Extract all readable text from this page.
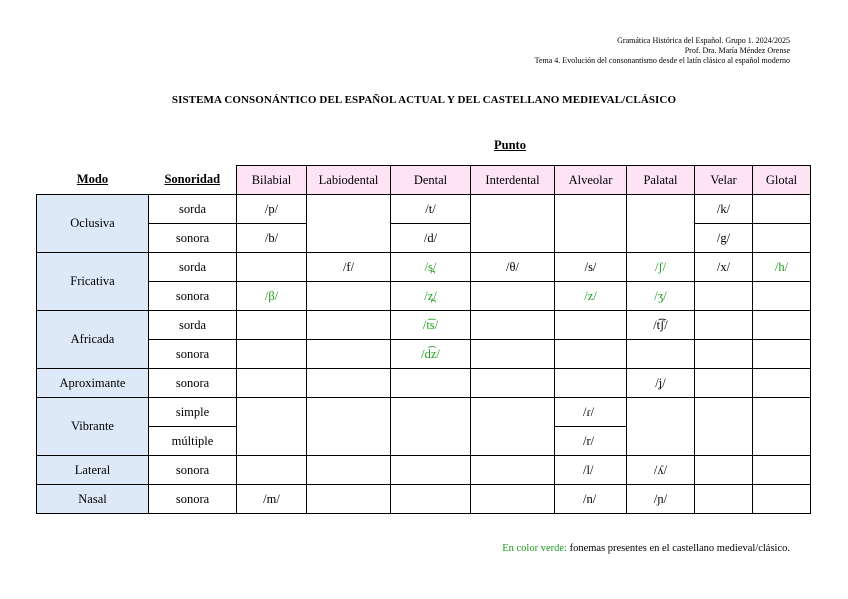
Gramática Histórica del Español. Grupo 1. 2024/2025
Prof. Dra. María Méndez Orense
Tema 4. Evolución del consonantismo desde el latín clásico al español moderno
SISTEMA CONSONÁNTICO DEL ESPAÑOL ACTUAL Y DEL CASTELLANO MEDIEVAL/CLÁSICO
Punto
Modo	Sonoridad	Bilabial	Labiodental	Dental	Interdental	Alveolar	Palatal	Velar	Glotal
Oclusiva	sorda	/p/		/t/				/k/	
	sonora	/b/		/d/				/g/	
Fricativa	sorda		/f/	/s̪/	/θ/	/s/	/ʃ/	/x/	/h/
	sonora	/β/		/z̪/		/z/	/ʒ/		
Africada	sorda			/t͡s/			/t͡ʃ/		
	sonora			/d͡z/					
Aproximante	sonora						/ʝ/		
Vibrante	simple					/ɾ/			
	múltiple					/r/			
Lateral	sonora					/l/	/ʎ/		
Nasal	sonora	/m/				/n/	/ɲ/		
En color verde: fonemas presentes en el castellano medieval/clásico.
